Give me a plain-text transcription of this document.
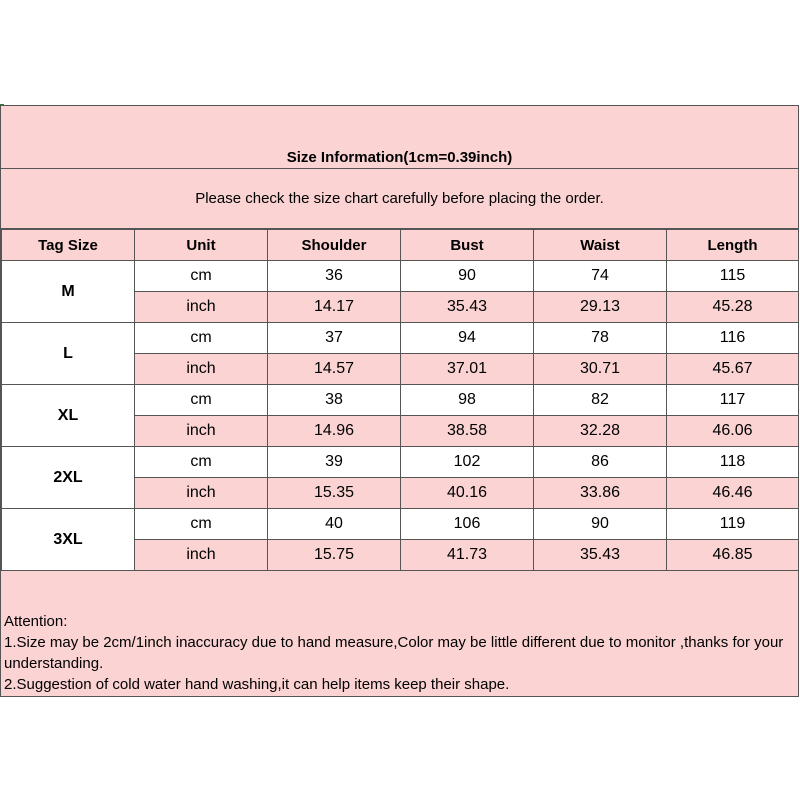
Size Information(1cm=0.39inch)
Please check the size chart carefully before placing the order.
Tag Size	Unit	Shoulder	Bust	Waist	Length
M	cm	36	90	74	115
	inch	14.17	35.43	29.13	45.28
L	cm	37	94	78	116
	inch	14.57	37.01	30.71	45.67
XL	cm	38	98	82	117
	inch	14.96	38.58	32.28	46.06
2XL	cm	39	102	86	118
	inch	15.35	40.16	33.86	46.46
3XL	cm	40	106	90	119
	inch	15.75	41.73	35.43	46.85
Attention:
1.Size may be 2cm/1inch inaccuracy due to hand measure,Color may be little different due to monitor ,thanks for your understanding.
2.Suggestion of cold water hand washing,it can help items keep their shape.
